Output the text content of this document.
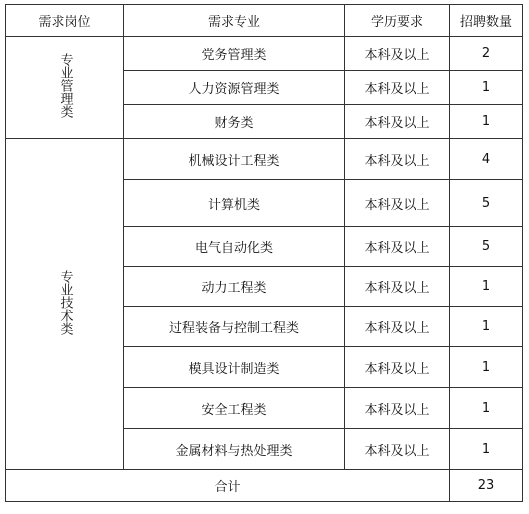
需求岗位	需求专业	学历要求	招聘数量
专业管理类	党务管理类	本科及以上	2
	人力资源管理类	本科及以上	1
	财务类	本科及以上	1
专业技术类	机械设计工程类	本科及以上	4
	计算机类	本科及以上	5
	电气自动化类	本科及以上	5
	动力工程类	本科及以上	1
	过程装备与控制工程类	本科及以上	1
	模具设计制造类	本科及以上	1
	安全工程类	本科及以上	1
	金属材料与热处理类	本科及以上	1
合计			23
